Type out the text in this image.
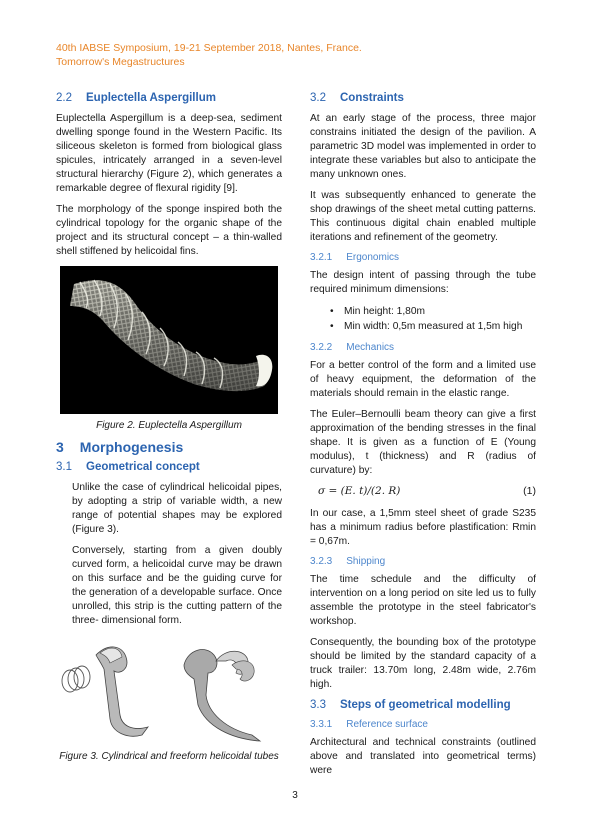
40th IABSE Symposium, 19-21 September 2018, Nantes, France.
Tomorrow's Megastructures
2.2 Euplectella Aspergillum

Euplectella Aspergillum is a deep-sea, sediment dwelling sponge found in the Western Pacific. Its siliceous skeleton is formed from biological glass spicules, intricately arranged in a seven-level structural hierarchy (Figure 2), which generates a remarkable degree of flexural rigidity [9].

The morphology of the sponge inspired both the cylindrical topology for the organic shape of the project and its structural concept – a thin-walled shell stiffened by helicoidal fins.

Figure 2. Euplectella Aspergillum
3 Morphogenesis
3.1 Geometrical concept

Unlike the case of cylindrical helicoidal pipes, by adopting a strip of variable width, a new range of potential shapes may be explored (Figure 3).

Conversely, starting from a given doubly curved form, a helicoidal curve may be drawn on this surface and be the guiding curve for the generation of a developable surface. Once unrolled, this strip is the cutting pattern of the three- dimensional form.

Figure 3. Cylindrical and freeform helicoidal tubes
3.2 Constraints

At an early stage of the process, three major constrains initiated the design of the pavilion. A parametric 3D model was implemented in order to integrate these variables but also to anticipate the many unknown ones.

It was subsequently enhanced to generate the shop drawings of the sheet metal cutting patterns. This continuous digital chain enabled multiple iterations and refinement of the geometry.

3.2.1 Ergonomics

The design intent of passing through the tube required minimum dimensions:

• Min height: 1,80m
• Min width: 0,5m measured at 1,5m high
3.2.2 Mechanics

For a better control of the form and a limited use of heavy equipment, the deformation of the materials should remain in the elastic range.

The Euler–Bernoulli beam theory can give a first approximation of the bending stresses in the final shape. It is given as a function of E (Young modulus), t (thickness) and R (radius of curvature) by:

σ = (E. t)/(2. R)	(1)

In our case, a 1,5mm steel sheet of grade S235 has a minimum radius before plastification: Rmin = 0,67m.

3.2.3 Shipping

The time schedule and the difficulty of intervention on a long period on site led us to fully assemble the prototype in the steel fabricator's workshop.

Consequently, the bounding box of the prototype should be limited by the standard capacity of a truck trailer: 13.70m long, 2.48m wide, 2.76m high.

3.3 Steps of geometrical modelling
3.3.1 Reference surface

Architectural and technical constraints (outlined above and translated into geometrical terms) were

3
